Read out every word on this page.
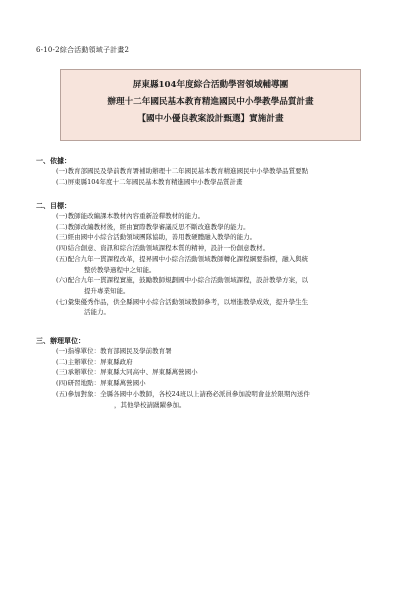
6-10-2綜合活動領域子計畫2
屏東縣104年度綜合活動學習領域輔導團
辦理十二年國民基本教育精進國民中小學教學品質計畫
【國中小優良教案設計甄選】實施計畫
一、依據：
(一)教育部國民及學前教育署補助辦理十二年國民基本教育精進國民中小學教學品質要點
(二)屏東縣104年度十二年國民基本教育精進國中小教學品質計畫
二、目標：
(一)教師能改編課本教材內容重新詮釋教材的能力。
(二)教師改編教材後，經由實際教學審議反思不斷改進教學的能力。
(三)經由國中小綜合活動領域團隊協助，善用教硬體融入教學的能力。
(四)結合創意、資訊和綜合活動領域課程本質的精神，設計一份創意教材。
(五)配合九年一貫課程改革，提昇國中小綜合活動領域教師轉化課程綱要指標，融入與統
整於教學過程中之知能。
(六)配合九年一貫課程實施，鼓勵教師規劃國中小綜合活動領域課程，設計教學方案，以
提升專業知能。
(七)彙集優秀作品，供全縣國中小綜合活動領域教師參考，以增進教學成效，提升學生生
活能力。
三、辦理單位：
(一)指導單位：教育部國民及學前教育署
(二)主辦單位：屏東縣政府
(三)承辦單位：屏東縣大同高中、屏東縣萬營國小
(四)研習地點：屏東縣萬營國小
(五)參加對象：全縣各國中小教師，各校24班以上請務必派員參加說明會並於限期內送件
，其他學校請踴躍參加。
